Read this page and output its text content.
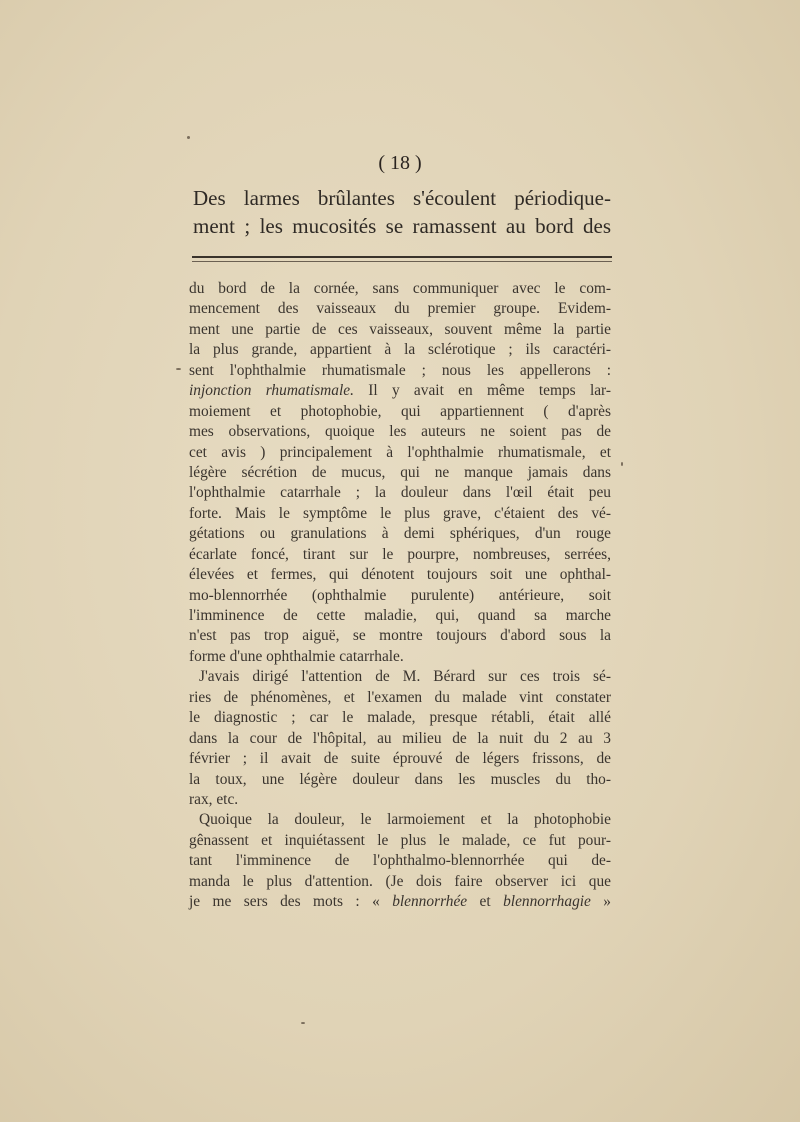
( 18 )
Des larmes brûlantes s'écoulent périodique-
ment ; les mucosités se ramassent au bord des
du bord de la cornée, sans communiquer avec le com-
mencement des vaisseaux du premier groupe. Evidem-
ment une partie de ces vaisseaux, souvent même la partie
la plus grande, appartient à la sclérotique ; ils caractéri-
sent l'ophthalmie rhumatismale ; nous les appellerons :
injonction rhumatismale. Il y avait en même temps lar-
moiement et photophobie, qui appartiennent ( d'après
mes observations, quoique les auteurs ne soient pas de
cet avis ) principalement à l'ophthalmie rhumatismale, et
légère sécrétion de mucus, qui ne manque jamais dans
l'ophthalmie catarrhale ; la douleur dans l'œil était peu
forte. Mais le symptôme le plus grave, c'étaient des vé-
gétations ou granulations à demi sphériques, d'un rouge
écarlate foncé, tirant sur le pourpre, nombreuses, serrées,
élevées et fermes, qui dénotent toujours soit une ophthal-
mo-blennorrhée (ophthalmie purulente) antérieure, soit
l'imminence de cette maladie, qui, quand sa marche
n'est pas trop aiguë, se montre toujours d'abord sous la
forme d'une ophthalmie catarrhale.
J'avais dirigé l'attention de M. Bérard sur ces trois sé-
ries de phénomènes, et l'examen du malade vint constater
le diagnostic ; car le malade, presque rétabli, était allé
dans la cour de l'hôpital, au milieu de la nuit du 2 au 3
février ; il avait de suite éprouvé de légers frissons, de
la toux, une légère douleur dans les muscles du tho-
rax, etc.
Quoique la douleur, le larmoiement et la photophobie
gênassent et inquiétassent le plus le malade, ce fut pour-
tant l'imminence de l'ophthalmo-blennorrhée qui de-
manda le plus d'attention. (Je dois faire observer ici que
je me sers des mots : « blennorrhée et blennorrhagie »
